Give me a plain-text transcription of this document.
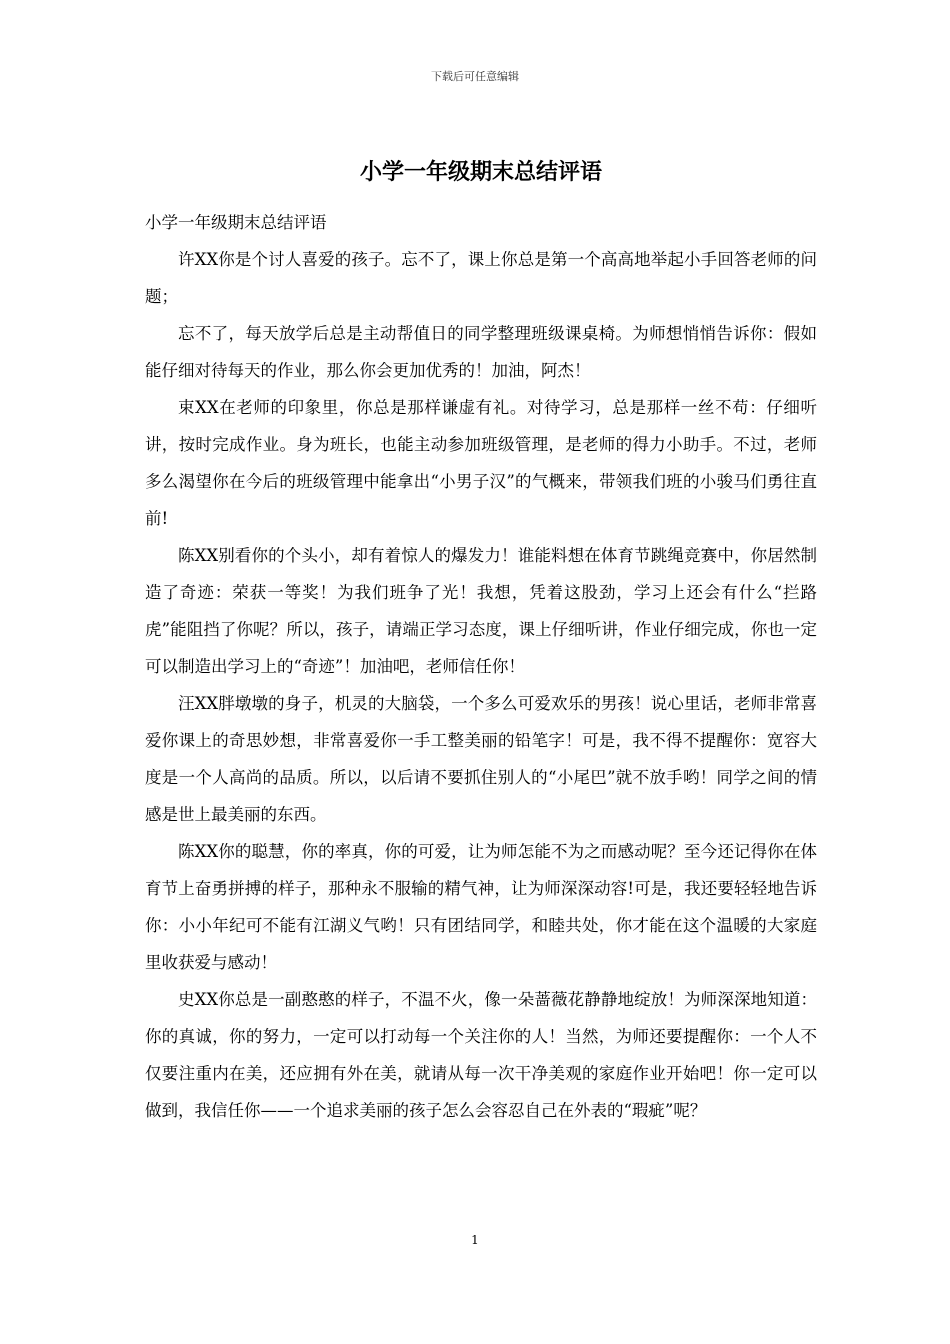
下载后可任意编辑
小学一年级期末总结评语

小学一年级期末总结评语

许XX你是个讨人喜爱的孩子。忘不了，课上你总是第一个高高地举起小手回答老师的问题；

忘不了，每天放学后总是主动帮值日的同学整理班级课桌椅。为师想悄悄告诉你：假如能仔细对待每天的作业，那么你会更加优秀的！加油，阿杰！

束XX在老师的印象里，你总是那样谦虚有礼。对待学习，总是那样一丝不苟：仔细听讲，按时完成作业。身为班长，也能主动参加班级管理，是老师的得力小助手。不过，老师多么渴望你在今后的班级管理中能拿出“小男子汉”的气概来，带领我们班的小骏马们勇往直前!

陈XX别看你的个头小，却有着惊人的爆发力！谁能料想在体育节跳绳竞赛中，你居然制造了奇迹：荣获一等奖！为我们班争了光！我想，凭着这股劲，学习上还会有什么“拦路虎”能阻挡了你呢？所以，孩子，请端正学习态度，课上仔细听讲，作业仔细完成，你也一定可以制造出学习上的“奇迹”！加油吧，老师信任你！

汪XX胖墩墩的身子，机灵的大脑袋，一个多么可爱欢乐的男孩！说心里话，老师非常喜爱你课上的奇思妙想，非常喜爱你一手工整美丽的铅笔字！可是，我不得不提醒你：宽容大度是一个人高尚的品质。所以，以后请不要抓住别人的“小尾巴”就不放手哟！同学之间的情感是世上最美丽的东西。

陈XX你的聪慧，你的率真，你的可爱，让为师怎能不为之而感动呢？至今还记得你在体育节上奋勇拼搏的样子，那种永不服输的精气神，让为师深深动容!可是，我还要轻轻地告诉你：小小年纪可不能有江湖义气哟！只有团结同学，和睦共处，你才能在这个温暖的大家庭里收获爱与感动！

史XX你总是一副憨憨的样子，不温不火，像一朵蔷薇花静静地绽放！为师深深地知道：你的真诚，你的努力，一定可以打动每一个关注你的人！当然，为师还要提醒你：一个人不仅要注重内在美，还应拥有外在美，就请从每一次干净美观的家庭作业开始吧！你一定可以做到，我信任你——一个追求美丽的孩子怎么会容忍自己在外表的“瑕疵”呢？

1
